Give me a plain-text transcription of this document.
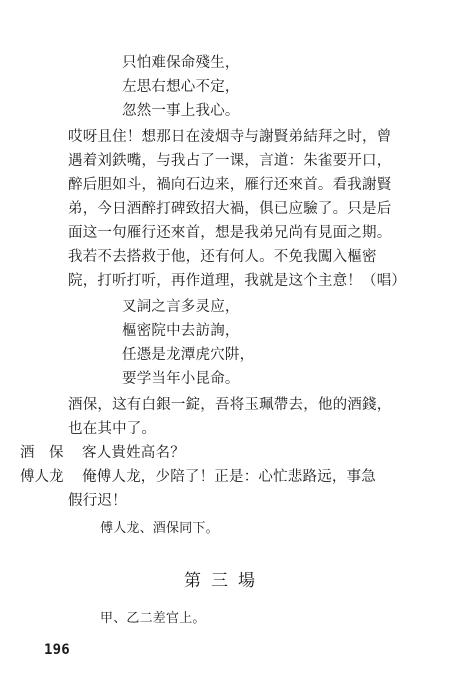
只怕难保命殘生，
左思右想心不定，
忽然一事上我心。
哎呀且住！想那日在淩烟寺与謝賢弟結拜之时，曾
遇着刘鉄嘴，与我占了一课，言道：朱雀要开口，
醉后胆如斗，禍向石边来，雁行还來首。看我謝賢
弟，今日酒醉打碑致招大禍，俱已应驗了。只是后
面这一句雁行还來首，想是我弟兄尚有見面之期。
我若不去搭救于他，还有何人。不免我闖入樞密
院，打听打听，再作道理，我就是这个主意！（唱）
叉詞之言多灵应，
樞密院中去訪詢，
任憑是龙潭虎穴阱，
要学当年小昆命。
酒保，这有白銀一錠，吾将玉珮帶去，他的酒錢，
也在其中了。
酒　保 客人貴姓高名？
傅人龙 俺傅人龙，少陪了！正是：心忙悲路远，事急
假行迟！
傅人龙、酒保同下。
第三場
甲、乙二差官上。
196
